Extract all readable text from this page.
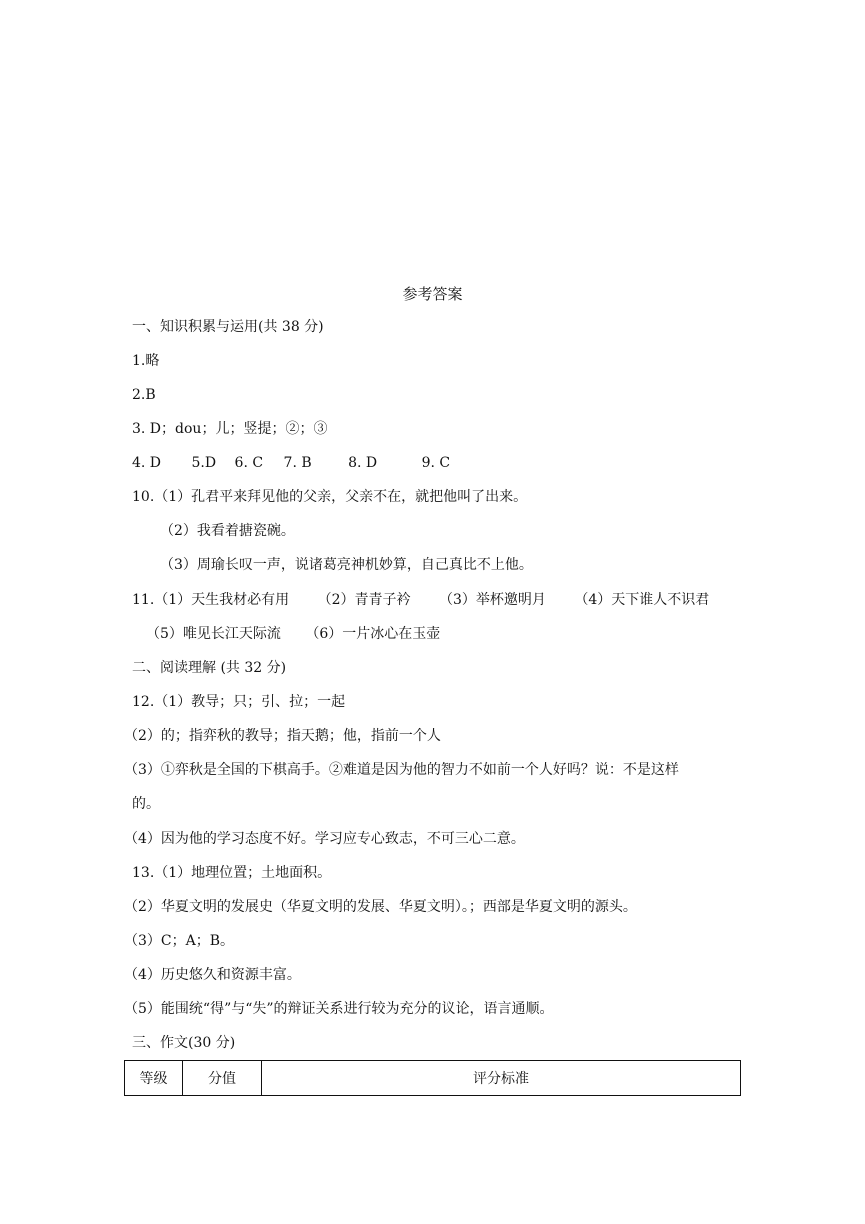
参考答案
一、知识积累与运用(共 38 分)
1.略
2.B
3. D；dou；儿；竖提；②；③
4. D 5.D 6. C 7. B	8. D	9. C
10.（1）孔君平来拜见他的父亲，父亲不在，就把他叫了出来。
（2）我看着搪瓷碗。
（3）周瑜长叹一声，说诸葛亮神机妙算，自己真比不上他。
11.（1）天生我材必有用 （2）青青子衿 （3）举杯邀明月 （4）天下谁人不识君
（5）唯见长江天际流 （6）一片冰心在玉壶
二、阅读理解 (共 32 分)
12.（1）教导；只；引、拉；一起
（2）的；指弈秋的教导；指天鹅；他，指前一个人
（3）①弈秋是全国的下棋高手。②难道是因为他的智力不如前一个人好吗？说：不是这样
的。
（4）因为他的学习态度不好。学习应专心致志，不可三心二意。
13.（1）地理位置；土地面积。
（2）华夏文明的发展史（华夏文明的发展、华夏文明）。；西部是华夏文明的源头。
（3）C；A；B。
（4）历史悠久和资源丰富。
（5）能围统“得”与“失”的辩证关系进行较为充分的议论，语言通顺。
三、作文(30 分)
等级	分值	评分标准
